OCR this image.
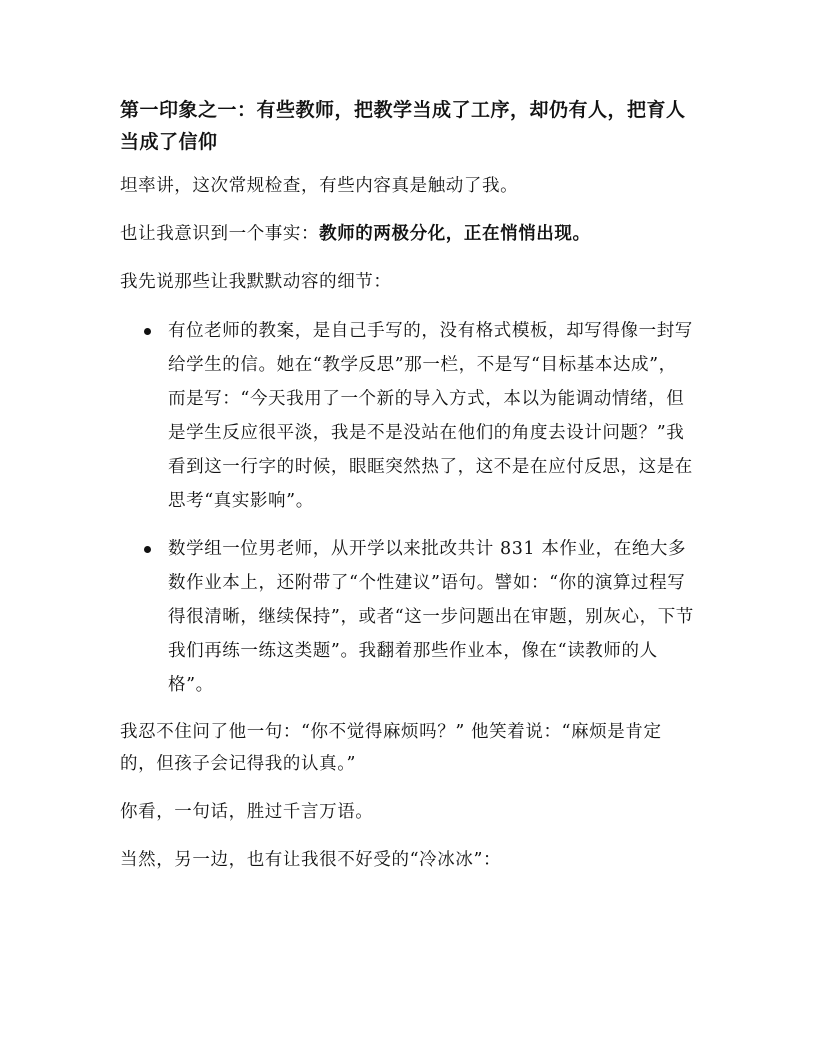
第一印象之一：有些教师，把教学当成了工序，却仍有人，把育人当成了信仰

坦率讲，这次常规检查，有些内容真是触动了我。

也让我意识到一个事实：教师的两极分化，正在悄悄出现。

我先说那些让我默默动容的细节：

有位老师的教案，是自己手写的，没有格式模板，却写得像一封写给学生的信。她在“教学反思”那一栏，不是写“目标基本达成”，而是写：“今天我用了一个新的导入方式，本以为能调动情绪，但是学生反应很平淡，我是不是没站在他们的角度去设计问题？”我看到这一行字的时候，眼眶突然热了，这不是在应付反思，这是在思考“真实影响”。
数学组一位男老师，从开学以来批改共计 831 本作业，在绝大多数作业本上，还附带了“个性建议”语句。譬如：“你的演算过程写得很清晰，继续保持”，或者“这一步问题出在审题，别灰心，下节我们再练一练这类题”。我翻着那些作业本，像在“读教师的人格”。

我忍不住问了他一句：“你不觉得麻烦吗？” 他笑着说：“麻烦是肯定的，但孩子会记得我的认真。”

你看，一句话，胜过千言万语。

当然，另一边，也有让我很不好受的“冷冰冰”：
